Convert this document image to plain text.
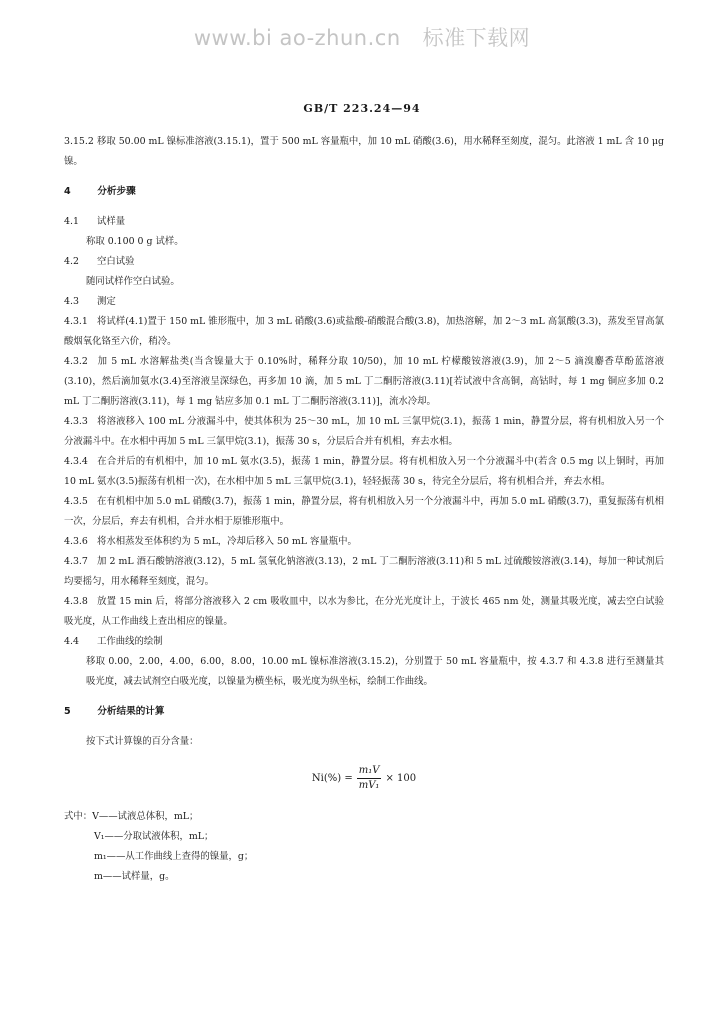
www.bi ao-zhun.cn 标准下载网
GB/T 223.24—94

3.15.2 移取 50.00 mL 镍标准溶液(3.15.1)，置于 500 mL 容量瓶中，加 10 mL 硝酸(3.6)，用水稀释至刻度，混匀。此溶液 1 mL 含 10 μg 镍。

4	分析步骤

4.1 试样量

称取 0.100 0 g 试样。

4.2 空白试验

随同试样作空白试验。

4.3 测定

4.3.1 将试样(4.1)置于 150 mL 锥形瓶中，加 3 mL 硝酸(3.6)或盐酸-硝酸混合酸(3.8)，加热溶解，加 2～3 mL 高氯酸(3.3)，蒸发至冒高氯酸烟氧化铬至六价，稍冷。

4.3.2 加 5 mL 水溶解盐类(当含镍量大于 0.10%时，稀释分取 10/50)，加 10 mL 柠檬酸铵溶液(3.9)，加 2～5 滴溴麝香草酚蓝溶液(3.10)，然后滴加氨水(3.4)至溶液呈深绿色，再多加 10 滴，加 5 mL 丁二酮肟溶液(3.11)[若试液中含高铜，高钴时，每 1 mg 铜应多加 0.2 mL 丁二酮肟溶液(3.11)，每 1 mg 钴应多加 0.1 mL 丁二酮肟溶液(3.11)]，流水冷却。

4.3.3 将溶液移入 100 mL 分液漏斗中，使其体积为 25～30 mL，加 10 mL 三氯甲烷(3.1)，振荡 1 min，静置分层，将有机相放入另一个分液漏斗中。在水相中再加 5 mL 三氯甲烷(3.1)，振荡 30 s，分层后合并有机相，弃去水相。

4.3.4 在合并后的有机相中，加 10 mL 氨水(3.5)，振荡 1 min，静置分层。将有机相放入另一个分液漏斗中(若含 0.5 mg 以上铜时，再加 10 mL 氨水(3.5)振荡有机相一次)，在水相中加 5 mL 三氯甲烷(3.1)，轻轻振荡 30 s，待完全分层后，将有机相合并，弃去水相。

4.3.5 在有机相中加 5.0 mL 硝酸(3.7)，振荡 1 min，静置分层，将有机相放入另一个分液漏斗中，再加 5.0 mL 硝酸(3.7)，重复振荡有机相一次，分层后，弃去有机相，合并水相于原锥形瓶中。

4.3.6 将水相蒸发至体积约为 5 mL，冷却后移入 50 mL 容量瓶中。

4.3.7 加 2 mL 酒石酸钠溶液(3.12)，5 mL 氢氧化钠溶液(3.13)，2 mL 丁二酮肟溶液(3.11)和 5 mL 过硫酸铵溶液(3.14)，每加一种试剂后均要摇匀，用水稀释至刻度，混匀。

4.3.8 放置 15 min 后，将部分溶液移入 2 cm 吸收皿中，以水为参比，在分光光度计上，于波长 465 nm 处，测量其吸光度，减去空白试验吸光度，从工作曲线上查出相应的镍量。

4.4 工作曲线的绘制

移取 0.00，2.00，4.00，6.00，8.00，10.00 mL 镍标准溶液(3.15.2)，分别置于 50 mL 容量瓶中，按 4.3.7 和 4.3.8 进行至测量其吸光度，减去试剂空白吸光度，以镍量为横坐标，吸光度为纵坐标，绘制工作曲线。

5	分析结果的计算

按下式计算镍的百分含量：

$Ni(\%) = \frac{\text{m₁V}}{\text{mV₁}} \times 100$
式中：V——试液总体积，mL；
V₁——分取试液体积，mL；
m₁——从工作曲线上查得的镍量，g；
m——试样量，g。
